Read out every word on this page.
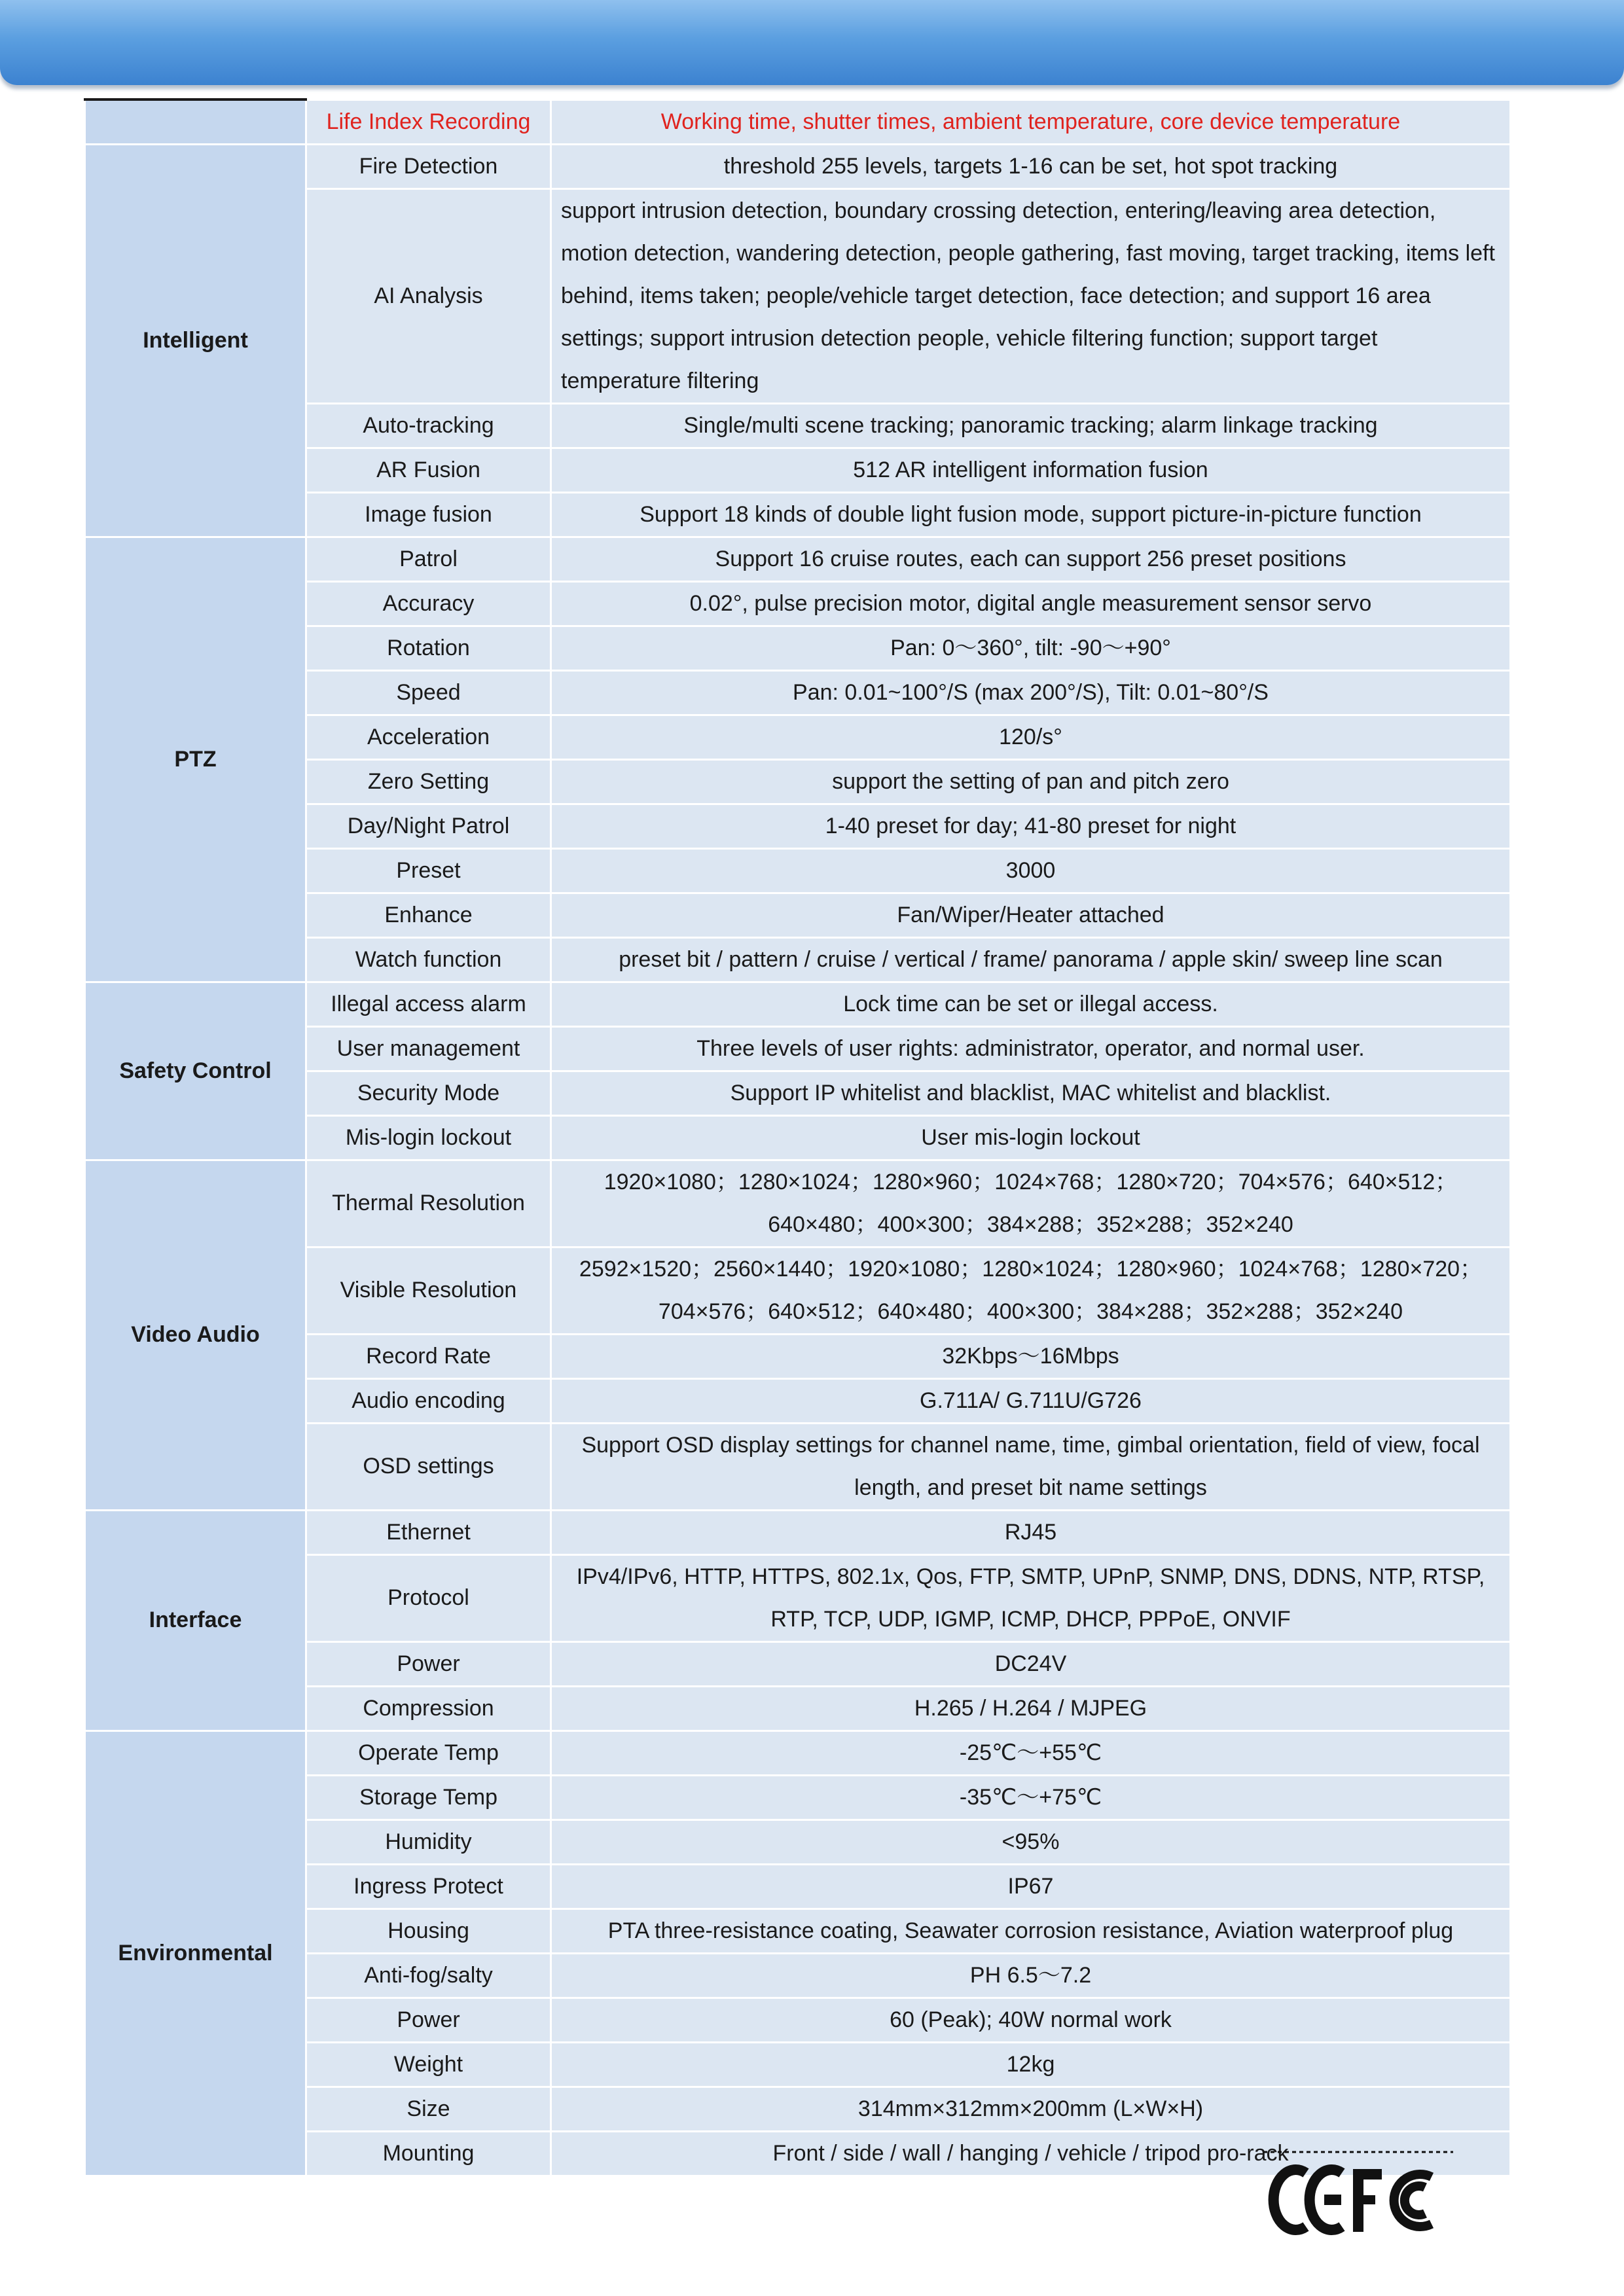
	Life Index Recording	Working time, shutter times, ambient temperature, core device temperature
Intelligent	Fire Detection	threshold 255 levels, targets 1-16 can be set, hot spot tracking
	AI Analysis	support intrusion detection, boundary crossing detection, entering/leaving area detection, motion detection, wandering detection, people gathering, fast moving, target tracking, items left behind, items taken; people/vehicle target detection, face detection; and support 16 area settings; support intrusion detection people, vehicle filtering function; support target temperature filtering
	Auto-tracking	Single/multi scene tracking; panoramic tracking; alarm linkage tracking
	AR Fusion	512 AR intelligent information fusion
	Image fusion	Support 18 kinds of double light fusion mode, support picture-in-picture function
PTZ	Patrol	Support 16 cruise routes, each can support 256 preset positions
	Accuracy	0.02°, pulse precision motor, digital angle measurement sensor servo
	Rotation	Pan: 0～360°, tilt: -90～+90°
	Speed	Pan: 0.01~100°/S (max 200°/S), Tilt: 0.01~80°/S
	Acceleration	120/s°
	Zero Setting	support the setting of pan and pitch zero
	Day/Night Patrol	1-40 preset for day; 41-80 preset for night
	Preset	3000
	Enhance	Fan/Wiper/Heater attached
	Watch function	preset bit / pattern / cruise / vertical / frame/ panorama / apple skin/ sweep line scan
Safety Control	Illegal access alarm	Lock time can be set or illegal access.
	User management	Three levels of user rights: administrator, operator, and normal user.
	Security Mode	Support IP whitelist and blacklist, MAC whitelist and blacklist.
	Mis-login lockout	User mis-login lockout
Video Audio	Thermal Resolution	1920×1080；1280×1024；1280×960；1024×768；1280×720；704×576；640×512；640×480；400×300；384×288；352×288；352×240
	Visible Resolution	2592×1520；2560×1440；1920×1080；1280×1024；1280×960；1024×768；1280×720；704×576；640×512；640×480；400×300；384×288；352×288；352×240
	Record Rate	32Kbps～16Mbps
	Audio encoding	G.711A/ G.711U/G726
	OSD settings	Support OSD display settings for channel name, time, gimbal orientation, field of view, focal length, and preset bit name settings
Interface	Ethernet	RJ45
	Protocol	IPv4/IPv6, HTTP, HTTPS, 802.1x, Qos, FTP, SMTP, UPnP, SNMP, DNS, DDNS, NTP, RTSP, RTP, TCP, UDP, IGMP, ICMP, DHCP, PPPoE, ONVIF
	Power	DC24V
	Compression	H.265 / H.264 / MJPEG
Environmental	Operate Temp	-25℃～+55℃
	Storage Temp	-35℃～+75℃
	Humidity	<95%
	Ingress Protect	IP67
	Housing	PTA three-resistance coating, Seawater corrosion resistance, Aviation waterproof plug
	Anti-fog/salty	PH 6.5～7.2
	Power	60 (Peak); 40W normal work
	Weight	12kg
	Size	314mm×312mm×200mm (L×W×H)
	Mounting	Front / side / wall / hanging / vehicle / tripod pro-rack
